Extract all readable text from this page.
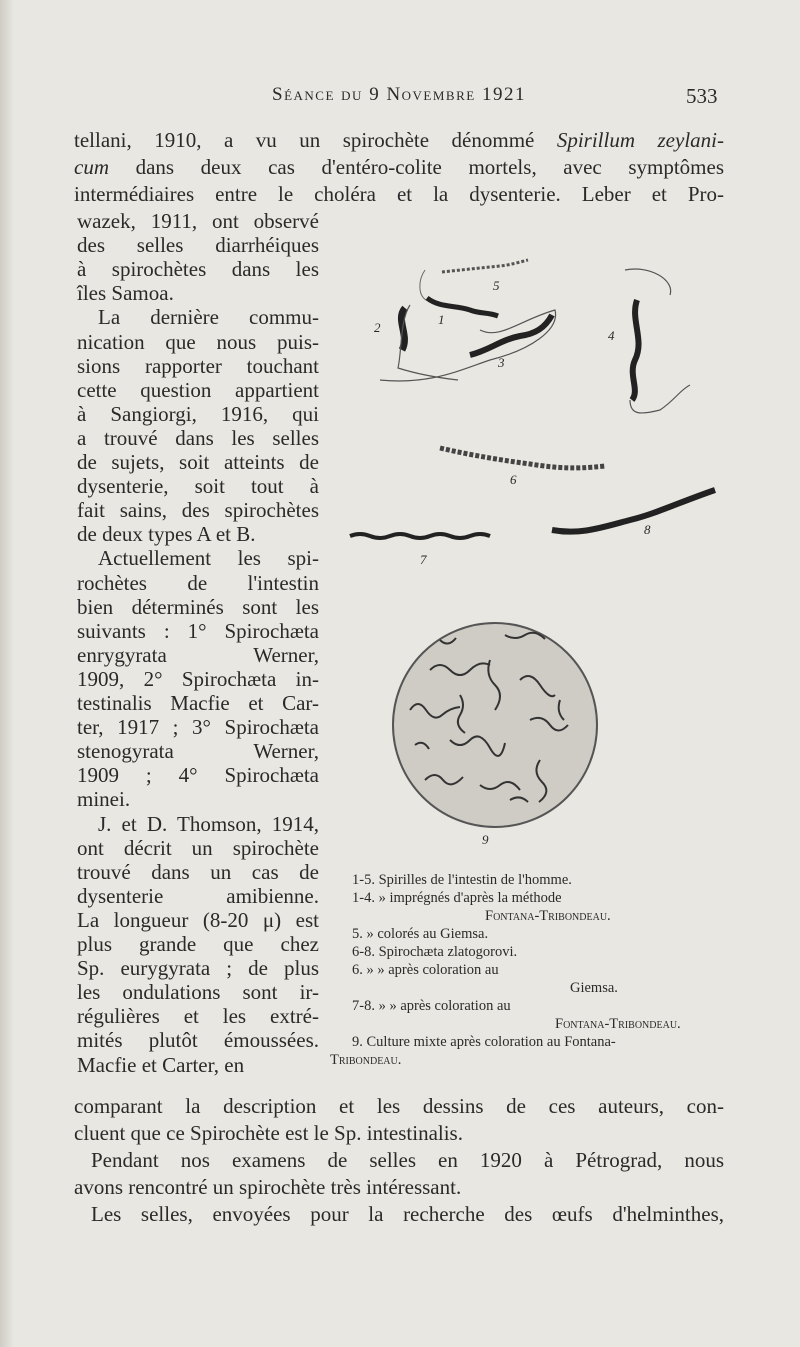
Séance du 9 Novembre 1921	533
tellani, 1910, a vu un spirochète dénommé Spirillum zeylani-
cum dans deux cas d'entéro-colite mortels, avec symptômes
intermédiaires entre le choléra et la dysenterie. Leber et Pro-
wazek, 1911, ont observé
des selles diarrhéiques
à spirochètes dans les
îles Samoa.
La dernière commu-
nication que nous puis-
sions rapporter touchant
cette question appartient
à Sangiorgi, 1916, qui
a trouvé dans les selles
de sujets, soit atteints de
dysenterie, soit tout à
fait sains, des spirochètes
de deux types A et B.
Actuellement les spi-
rochètes de l'intestin
bien déterminés sont les
suivants : 1° Spirochæta
enrygyrata Werner,
1909, 2° Spirochæta in-
testinalis Macfie et Car-
ter, 1917 ; 3° Spirochæta
stenogyrata Werner,
1909 ; 4° Spirochæta
minei.
J. et D. Thomson, 1914,
ont décrit un spirochète
trouvé dans un cas de
dysenterie amibienne.
La longueur (8-20 μ) est
plus grande que chez
Sp. eurygyrata ; de plus
les ondulations sont ir-
régulières et les extré-
mités plutôt émoussées.
Macfie et Carter, en
comparant la description et les dessins de ces auteurs, con-
cluent que ce Spirochète est le Sp. intestinalis.
Pendant nos examens de selles en 1920 à Pétrograd, nous
avons rencontré un spirochète très intéressant.
Les selles, envoyées pour la recherche des œufs d'helminthes,
5
1
2
3
4
6
7
8
9
1-5. Spirilles de l'intestin de l'homme.
1-4. » imprégnés d'après la méthode
Fontana-Tribondeau.
5. » colorés au Giemsa.
6-8. Spirochæta zlatogorovi.
6. » » après coloration au
Giemsa.
7-8. » » après coloration au
Fontana-Tribondeau.
9. Culture mixte après coloration au Fontana-
Tribondeau.
